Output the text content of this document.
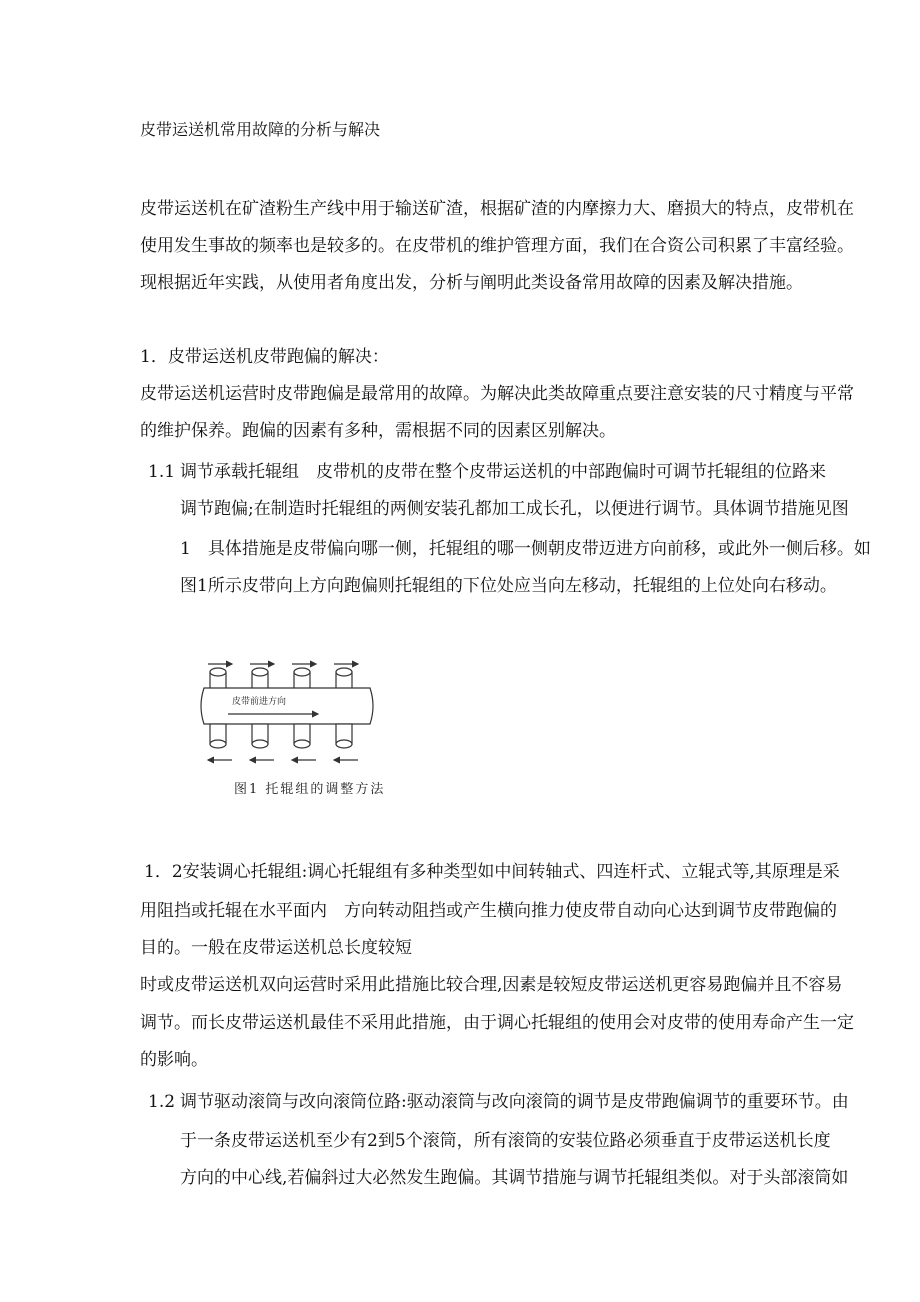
皮带运送机常用故障的分析与解决
皮带运送机在矿渣粉生产线中用于输送矿渣，根据矿渣的内摩擦力大、磨损大的特点，皮带机在
使用发生事故的频率也是较多的。在皮带机的维护管理方面，我们在合资公司积累了丰富经验。
现根据近年实践，从使用者角度出发，分析与阐明此类设备常用故障的因素及解决措施。
1．皮带运送机皮带跑偏的解决：
皮带运送机运营时皮带跑偏是最常用的故障。为解决此类故障重点要注意安装的尺寸精度与平常
的维护保养。跑偏的因素有多种，需根据不同的因素区别解决。
1.1 调节承载托辊组　皮带机的皮带在整个皮带运送机的中部跑偏时可调节托辊组的位路来
调节跑偏;在制造时托辊组的两侧安装孔都加工成长孔，以便进行调节。具体调节措施见图
1　具体措施是皮带偏向哪一侧，托辊组的哪一侧朝皮带迈进方向前移，或此外一侧后移。如
图1所示皮带向上方向跑偏则托辊组的下位处应当向左移动，托辊组的上位处向右移动。
皮带前进方向
图1 托辊组的调整方法
1．2安装调心托辊组:调心托辊组有多种类型如中间转轴式、四连杆式、立辊式等,其原理是采
用阻挡或托辊在水平面内　方向转动阻挡或产生横向推力使皮带自动向心达到调节皮带跑偏的
目的。一般在皮带运送机总长度较短
时或皮带运送机双向运营时采用此措施比较合理,因素是较短皮带运送机更容易跑偏并且不容易
调节。而长皮带运送机最佳不采用此措施，由于调心托辊组的使用会对皮带的使用寿命产生一定
的影响。
1.2 调节驱动滚筒与改向滚筒位路:驱动滚筒与改向滚筒的调节是皮带跑偏调节的重要环节。由
于一条皮带运送机至少有2到5个滚筒，所有滚筒的安装位路必须垂直于皮带运送机长度
方向的中心线,若偏斜过大必然发生跑偏。其调节措施与调节托辊组类似。对于头部滚筒如
